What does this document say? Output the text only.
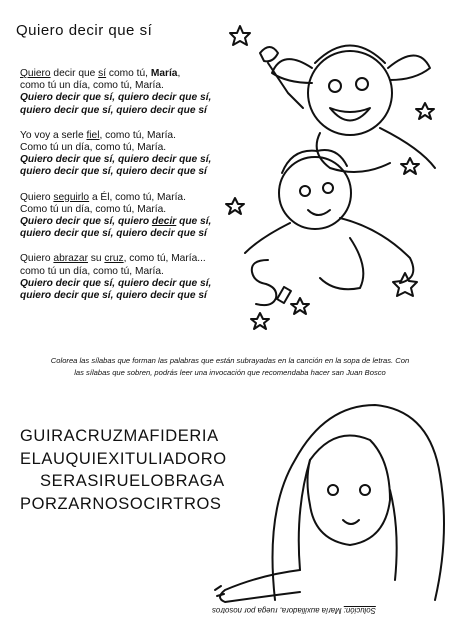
Quiero decir que sí
Quiero decir que sí como tú, María,
como tú un día, como tú, María.
Quiero decir que sí, quiero decir que sí,
quiero decir que sí, quiero decir que sí
Yo voy a serle fiel, como tú, María.
Como tú un día, como tú, María.
Quiero decir que sí, quiero decir que sí,
quiero decir que sí, quiero decir que sí
Quiero seguirlo a Él, como tú, María.
Como tú un día, como tú, María.
Quiero decir que sí, quiero decir que sí,
quiero decir que sí, quiero decir que sí
Quiero abrazar su cruz, como tú, María...
como tú un día, como tú, María.
Quiero decir que sí, quiero decir que sí,
quiero decir que sí, quiero decir que sí
Colorea las sílabas que forman las palabras que están subrayadas en la canción en la sopa de letras. Con las sílabas que sobren, podrás leer una invocación que recomendaba hacer san Juan Bosco
GUIRACRUZMAFIDERIA
ELAUQUIEXITULIADORO
SERASIRUELOBRAGA
PORZARNOSOCIRTROS
Solución: María auxiliadora, ruega por nosotros
